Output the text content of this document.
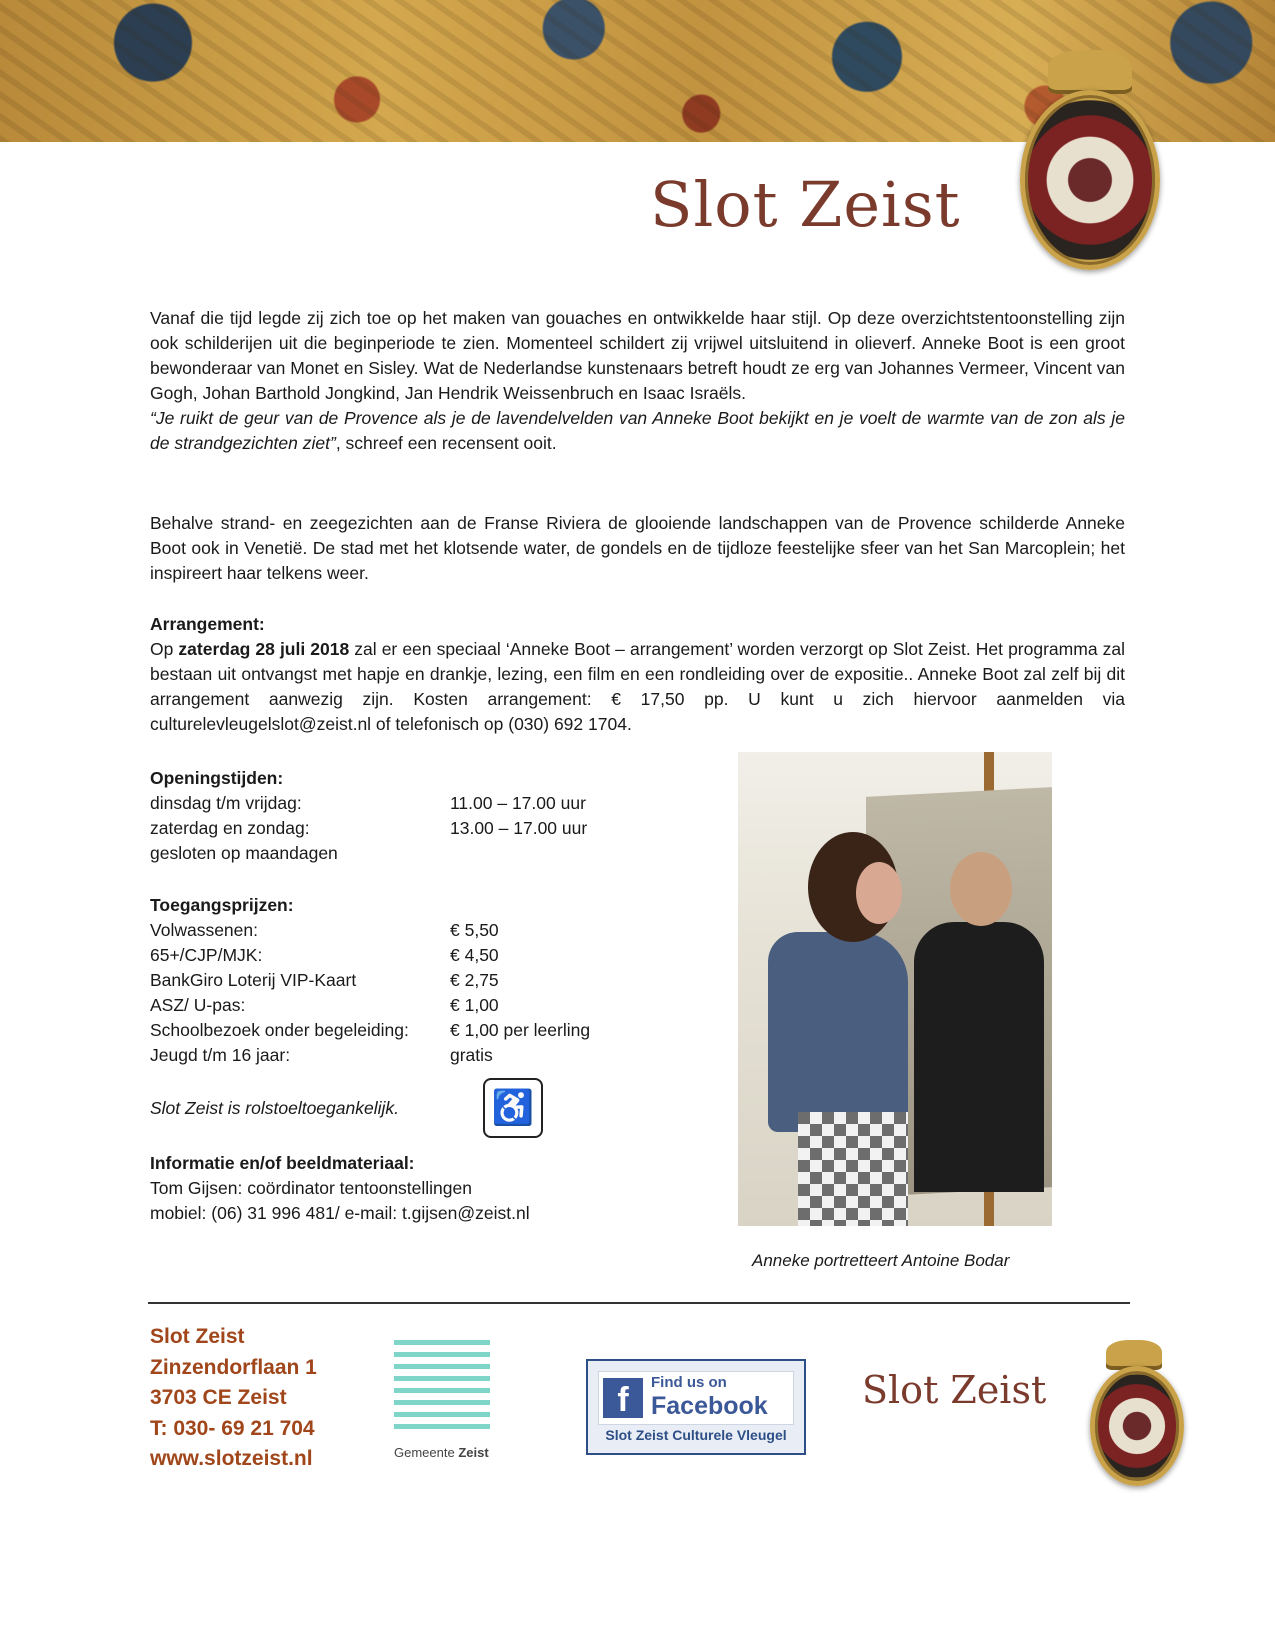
Slot Zeist

Vanaf die tijd legde zij zich toe op het maken van gouaches en ontwikkelde haar stijl. Op deze overzichtstentoonstelling zijn ook schilderijen uit die beginperiode te zien. Momenteel schildert zij vrijwel uitsluitend in olieverf. Anneke Boot is een groot bewonderaar van Monet en Sisley. Wat de Nederlandse kunstenaars betreft houdt ze erg van Johannes Vermeer, Vincent van Gogh, Johan Barthold Jongkind, Jan Hendrik Weissenbruch en Isaac Israëls.

“Je ruikt de geur van de Provence als je de lavendelvelden van Anneke Boot bekijkt en je voelt de warmte van de zon als je de strandgezichten ziet”, schreef een recensent ooit.

Behalve strand- en zeegezichten aan de Franse Riviera de glooiende landschappen van de Provence schilderde Anneke Boot ook in Venetië. De stad met het klotsende water, de gondels en de tijdloze feestelijke sfeer van het San Marcoplein; het inspireert haar telkens weer.

Arrangement:

Op zaterdag 28 juli 2018 zal er een speciaal ‘Anneke Boot – arrangement’ worden verzorgt op Slot Zeist. Het programma zal bestaan uit ontvangst met hapje en drankje, lezing, een film en een rondleiding over de expositie.. Anneke Boot zal zelf bij dit arrangement aanwezig zijn. Kosten arrangement: € 17,50 pp. U kunt u zich hiervoor aanmelden via culturelevleugelslot@zeist.nl of telefonisch op (030) 692 1704.

Openingstijden:
dinsdag t/m vrijdag:	11.00 – 17.00 uur
zaterdag en zondag:	13.00 – 17.00 uur
gesloten op maandagen
Toegangsprijzen:
Volwassenen:	€ 5,50
65+/CJP/MJK:	€ 4,50
BankGiro Loterij VIP-Kaart	€ 2,75
ASZ/ U-pas:	€ 1,00
Schoolbezoek onder begeleiding:	€ 1,00 per leerling
Jeugd t/m 16 jaar:	gratis
Slot Zeist is rolstoeltoegankelijk.	♿
Informatie en/of beeldmateriaal:
Tom Gijsen: coördinator tentoonstellingen
mobiel: (06) 31 996 481/ e-mail: t.gijsen@zeist.nl
Anneke portretteert Antoine Bodar
Slot Zeist
Zinzendorflaan 1
3703 CE Zeist
T: 030- 69 21 704
www.slotzeist.nl	Gemeente Zeist
f	Find us on
Facebook
Slot Zeist Culturele Vleugel
Slot Zeist
